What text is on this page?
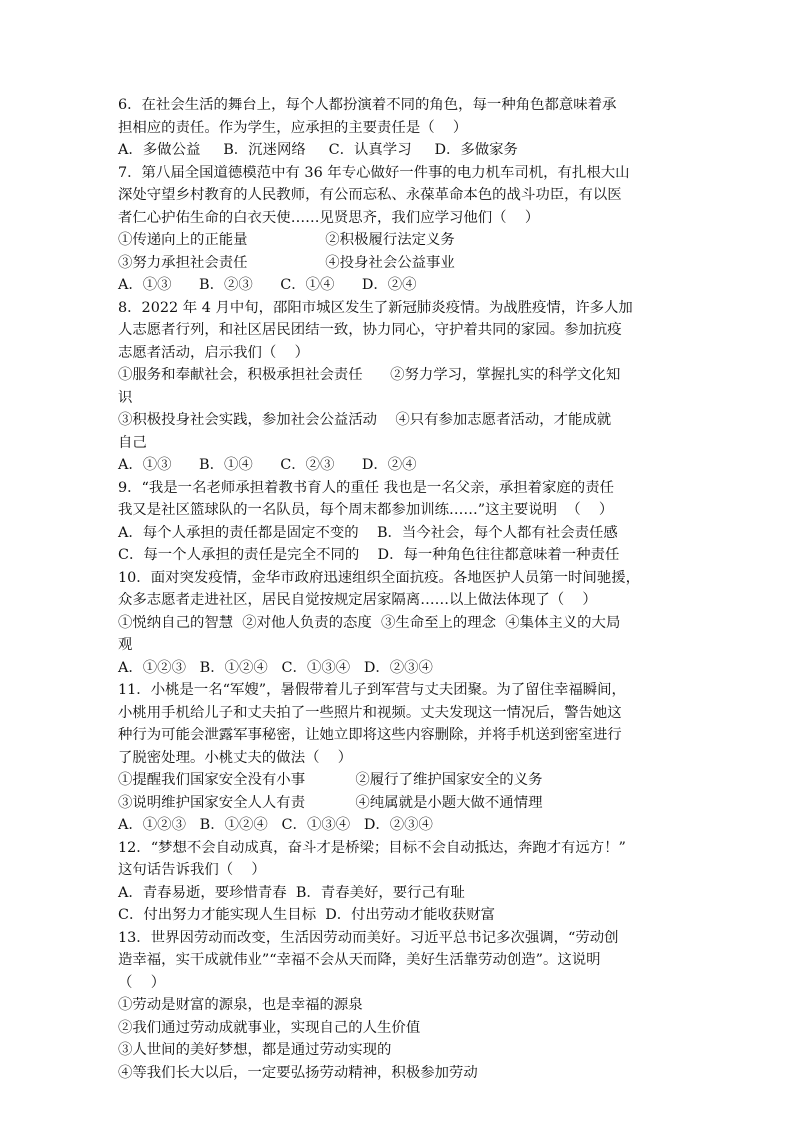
6．在社会生活的舞台上，每个人都扮演着不同的角色，每一种角色都意味着承
担相应的责任。作为学生，应承担的主要责任是（    ）
A．多做公益     B．沉迷网络     C．认真学习     D．多做家务
7．第八届全国道德模范中有 36 年专心做好一件事的电力机车司机，有扎根大山
深处守望乡村教育的人民教师，有公而忘私、永葆革命本色的战斗功臣，有以医
者仁心护佑生命的白衣天使……见贤思齐，我们应学习他们（    ）
①传递向上的正能量                 ②积极履行法定义务
③努力承担社会责任                 ④投身社会公益事业
A．①③      B．②③      C．①④      D．②④
8．2022 年 4 月中旬，邵阳市城区发生了新冠肺炎疫情。为战胜疫情，许多人加
人志愿者行列，和社区居民团结一致，协力同心，守护着共同的家园。参加抗疫
志愿者活动，启示我们（    ）
①服务和奉献社会，积极承担社会责任      ②努力学习，掌握扎实的科学文化知
识
③积极投身社会实践，参加社会公益活动    ④只有参加志愿者活动，才能成就
自己
A．①③      B．①④      C．②③      D．②④
9．“我是一名老师承担着教书育人的重任 我也是一名父亲，承担着家庭的责任
我又是社区篮球队的一名队员，每个周末都参加训练……”这主要说明  （    ）
A．每个人承担的责任都是固定不变的    B．当今社会，每个人都有社会责任感
C．每一个人承担的责任是完全不同的    D．每一种角色往往都意味着一种责任
10．面对突发疫情，金华市政府迅速组织全面抗疫。各地医护人员第一时间驰援，
众多志愿者走进社区，居民自觉按规定居家隔离……以上做法体现了（    ）
①悦纳自己的智慧  ②对他人负责的态度  ③生命至上的理念  ④集体主义的大局
观
A．①②③   B．①②④   C．①③④   D．②③④
11．小桃是一名“军嫂”，暑假带着儿子到军营与丈夫团聚。为了留住幸福瞬间，
小桃用手机给儿子和丈夫拍了一些照片和视频。丈夫发现这一情况后，警告她这
种行为可能会泄露军事秘密，让她立即将这些内容删除，并将手机送到密室进行
了脱密处理。小桃丈夫的做法（    ）
①提醒我们国家安全没有小事           ②履行了维护国家安全的义务
③说明维护国家安全人人有责           ④纯属就是小题大做不通情理
A．①②③   B．①②④   C．①③④   D．②③④
12．“梦想不会自动成真，奋斗才是桥梁；目标不会自动抵达，奔跑才有远方！”
这句话告诉我们（    ）
A．青春易逝，要珍惜青春  B．青春美好，要行己有耻
C．付出努力才能实现人生目标  D．付出劳动才能收获财富
13．世界因劳动而改变，生活因劳动而美好。习近平总书记多次强调，“劳动创
造幸福，实干成就伟业”“幸福不会从天而降，美好生活靠劳动创造”。这说明
（    ）
①劳动是财富的源泉，也是幸福的源泉
②我们通过劳动成就事业，实现自己的人生价值
③人世间的美好梦想，都是通过劳动实现的
④等我们长大以后，一定要弘扬劳动精神，积极参加劳动
